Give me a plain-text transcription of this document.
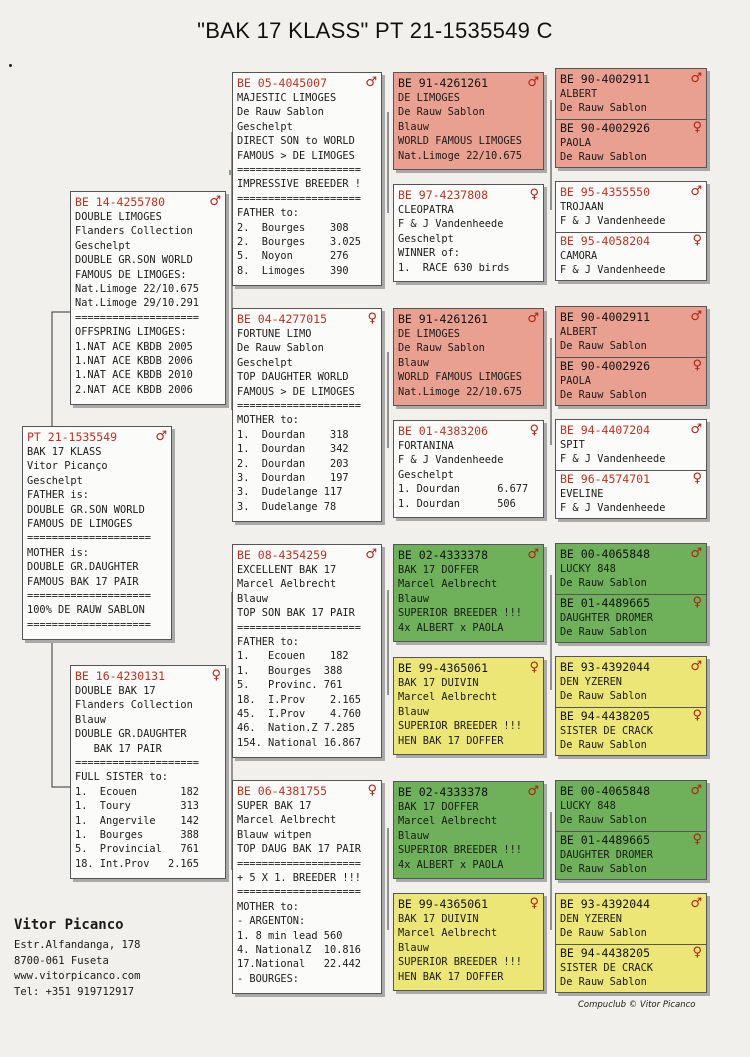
"BAK 17 KLASS" PT 21-1535549 C
PT 21-1535549	♂
BAK 17 KLASS
Vitor Picanço
Geschelpt
FATHER is:
DOUBLE GR.SON WORLD
FAMOUS DE LIMOGES
====================
MOTHER is:
DOUBLE GR.DAUGHTER
FAMOUS BAK 17 PAIR
====================
100% DE RAUW SABLON
====================
BE 14-4255780	♂
DOUBLE LIMOGES
Flanders Collection
Geschelpt
DOUBLE GR.SON WORLD
FAMOUS DE LIMOGES:
Nat.Limoge 22/10.675
Nat.Limoge 29/10.291
====================
OFFSPRING LIMOGES:
1.NAT ACE KBDB 2005
1.NAT ACE KBDB 2006
1.NAT ACE KBDB 2010
2.NAT ACE KBDB 2006
BE 16-4230131	♀
DOUBLE BAK 17
Flanders Collection
Blauw
DOUBLE GR.DAUGHTER
BAK 17 PAIR
====================
FULL SISTER to:
1.  Ecouen       182
1.  Toury        313
1.  Angervile    142
1.  Bourges      388
5.  Provincial   761
18. Int.Prov   2.165
BE 05-4045007	♂
MAJESTIC LIMOGES
De Rauw Sablon
Geschelpt
DIRECT SON to WORLD
FAMOUS > DE LIMOGES
====================
IMPRESSIVE BREEDER !
====================
FATHER to:
2.  Bourges    308
2.  Bourges    3.025
5.  Noyon      276
8.  Limoges    390
BE 04-4277015	♀
FORTUNE LIMO
De Rauw Sablon
Geschelpt
TOP DAUGHTER WORLD
FAMOUS > DE LIMOGES
====================
MOTHER to:
1.  Dourdan    318
1.  Dourdan    342
2.  Dourdan    203
3.  Dourdan    197
3.  Dudelange 117
3.  Dudelange 78
BE 08-4354259	♂
EXCELLENT BAK 17
Marcel Aelbrecht
Blauw
TOP SON BAK 17 PAIR
====================
FATHER to:
1.   Ecouen    182
1.   Bourges  388
5.   Provinc. 761
18.  I.Prov    2.165
45.  I.Prov    4.760
46.  Nation.Z 7.285
154. National 16.867
BE 06-4381755	♀
SUPER BAK 17
Marcel Aelbrecht
Blauw witpen
TOP DAUG BAK 17 PAIR
====================
+ 5 X 1. BREEDER !!!
====================
MOTHER to:
- ARGENTON:
1. 8 min lead 560
4. NationalZ  10.816
17.National   22.442
- BOURGES:
BE 91-4261261	♂
DE LIMOGES
De Rauw Sablon
Blauw
WORLD FAMOUS LIMOGES
Nat.Limoge 22/10.675
BE 97-4237808	♀
CLEOPATRA
F & J Vandenheede
Geschelpt
WINNER of:
1.  RACE 630 birds
BE 91-4261261	♂
DE LIMOGES
De Rauw Sablon
Blauw
WORLD FAMOUS LIMOGES
Nat.Limoge 22/10.675
BE 01-4383206	♀
FORTANINA
F & J Vandenheede
Geschelpt
1. Dourdan      6.677
1. Dourdan      506
BE 02-4333378	♂
BAK 17 DOFFER
Marcel Aelbrecht
Blauw
SUPERIOR BREEDER !!!
4x ALBERT x PAOLA
BE 99-4365061	♀
BAK 17 DUIVIN
Marcel Aelbrecht
Blauw
SUPERIOR BREEDER !!!
HEN BAK 17 DOFFER
BE 02-4333378	♂
BAK 17 DOFFER
Marcel Aelbrecht
Blauw
SUPERIOR BREEDER !!!
4x ALBERT x PAOLA
BE 99-4365061	♀
BAK 17 DUIVIN
Marcel Aelbrecht
Blauw
SUPERIOR BREEDER !!!
HEN BAK 17 DOFFER
BE 90-4002911	♂
ALBERT
De Rauw Sablon
BE 90-4002926	♀
PAOLA
De Rauw Sablon
BE 95-4355550	♂
TROJAAN
F & J Vandenheede
BE 95-4058204	♀
CAMORA
F & J Vandenheede
BE 90-4002911	♂
ALBERT
De Rauw Sablon
BE 90-4002926	♀
PAOLA
De Rauw Sablon
BE 94-4407204	♂
SPIT
F & J Vandenheede
BE 96-4574701	♀
EVELINE
F & J Vandenheede
BE 00-4065848	♂
LUCKY 848
De Rauw Sablon
BE 01-4489665	♀
DAUGHTER DROMER
De Rauw Sablon
BE 93-4392044	♂
DEN YZEREN
De Rauw Sablon
BE 94-4438205	♀
SISTER DE CRACK
De Rauw Sablon
BE 00-4065848	♂
LUCKY 848
De Rauw Sablon
BE 01-4489665	♀
DAUGHTER DROMER
De Rauw Sablon
BE 93-4392044	♂
DEN YZEREN
De Rauw Sablon
BE 94-4438205	♀
SISTER DE CRACK
De Rauw Sablon
Vitor Picanco
Estr.Alfandanga, 178
8700-061 Fuseta
www.vitorpicanco.com
Tel: +351 919712917
Compuclub © Vitor Picanco
